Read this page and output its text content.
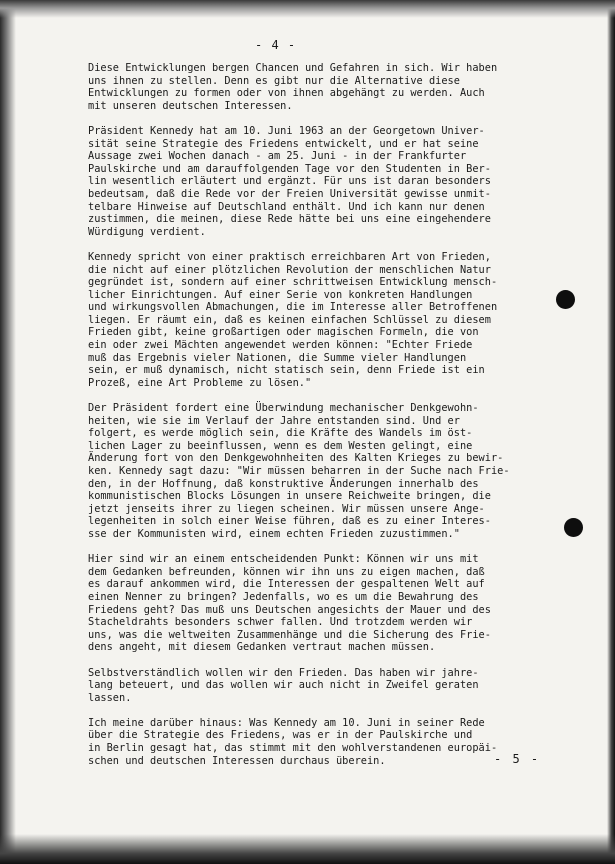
- 4 -
Diese Entwicklungen bergen Chancen und Gefahren in sich. Wir haben
uns ihnen zu stellen. Denn es gibt nur die Alternative diese
Entwicklungen zu formen oder von ihnen abgehängt zu werden. Auch
mit unseren deutschen Interessen.
Präsident Kennedy hat am 10. Juni 1963 an der Georgetown Univer-
sität seine Strategie des Friedens entwickelt, und er hat seine
Aussage zwei Wochen danach - am 25. Juni - in der Frankfurter
Paulskirche und am darauffolgenden Tage vor den Studenten in Ber-
lin wesentlich erläutert und ergänzt. Für uns ist daran besonders
bedeutsam, daß die Rede vor der Freien Universität gewisse unmit-
telbare Hinweise auf Deutschland enthält. Und ich kann nur denen
zustimmen, die meinen, diese Rede hätte bei uns eine eingehendere
Würdigung verdient.
Kennedy spricht von einer praktisch erreichbaren Art von Frieden,
die nicht auf einer plötzlichen Revolution der menschlichen Natur
gegründet ist, sondern auf einer schrittweisen Entwicklung mensch-
licher Einrichtungen. Auf einer Serie von konkreten Handlungen
und wirkungsvollen Abmachungen, die im Interesse aller Betroffenen
liegen. Er räumt ein, daß es keinen einfachen Schlüssel zu diesem
Frieden gibt, keine großartigen oder magischen Formeln, die von
ein oder zwei Mächten angewendet werden können: "Echter Friede
muß das Ergebnis vieler Nationen, die Summe vieler Handlungen
sein, er muß dynamisch, nicht statisch sein, denn Friede ist ein
Prozeß, eine Art Probleme zu lösen."
Der Präsident fordert eine Überwindung mechanischer Denkgewohn-
heiten, wie sie im Verlauf der Jahre entstanden sind. Und er
folgert, es werde möglich sein, die Kräfte des Wandels im öst-
lichen Lager zu beeinflussen, wenn es dem Westen gelingt, eine
Änderung fort von den Denkgewohnheiten des Kalten Krieges zu bewir-
ken. Kennedy sagt dazu: "Wir müssen beharren in der Suche nach Frie-
den, in der Hoffnung, daß konstruktive Änderungen innerhalb des
kommunistischen Blocks Lösungen in unsere Reichweite bringen, die
jetzt jenseits ihrer zu liegen scheinen. Wir müssen unsere Ange-
legenheiten in solch einer Weise führen, daß es zu einer Interes-
sse der Kommunisten wird, einem echten Frieden zuzustimmen."
Hier sind wir an einem entscheidenden Punkt: Können wir uns mit
dem Gedanken befreunden, können wir ihn uns zu eigen machen, daß
es darauf ankommen wird, die Interessen der gespaltenen Welt auf
einen Nenner zu bringen? Jedenfalls, wo es um die Bewahrung des
Friedens geht? Das muß uns Deutschen angesichts der Mauer und des
Stacheldrahts besonders schwer fallen. Und trotzdem werden wir
uns, was die weltweiten Zusammenhänge und die Sicherung des Frie-
dens angeht, mit diesem Gedanken vertraut machen müssen.
Selbstverständlich wollen wir den Frieden. Das haben wir jahre-
lang beteuert, und das wollen wir auch nicht in Zweifel geraten
lassen.
Ich meine darüber hinaus: Was Kennedy am 10. Juni in seiner Rede
über die Strategie des Friedens, was er in der Paulskirche und
in Berlin gesagt hat, das stimmt mit den wohlverstandenen europäi-
schen und deutschen Interessen durchaus überein.	- 5 -
